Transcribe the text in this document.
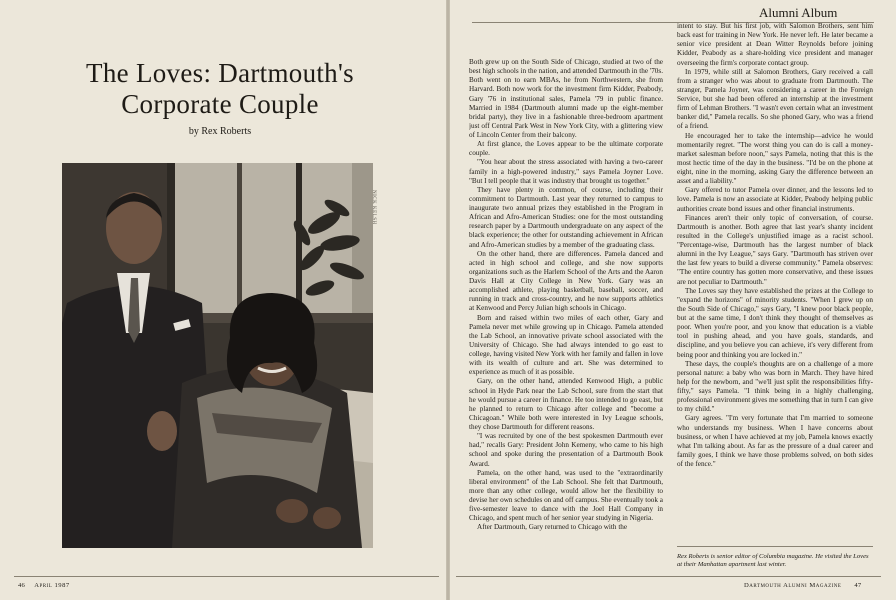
The Loves: Dartmouth's Corporate Couple
by Rex Roberts
NICK KELSH
46 April 1987
Alumni Album

Both grew up on the South Side of Chicago, studied at two of the best high schools in the nation, and attended Dartmouth in the '70s. Both went on to earn MBAs, he from Northwestern, she from Harvard. Both now work for the investment firm Kidder, Peabody, Gary '76 in institutional sales, Pamela '79 in public finance. Married in 1984 (Dartmouth alumni made up the eight-member bridal party), they live in a fashionable three-bedroom apartment just off Central Park West in New York City, with a glittering view of Lincoln Center from their balcony.

At first glance, the Loves appear to be the ultimate corporate couple.

"You hear about the stress associated with having a two-career family in a high-powered industry," says Pamela Joyner Love. "But I tell people that it was industry that brought us together."

They have plenty in common, of course, including their commitment to Dartmouth. Last year they returned to campus to inaugurate two annual prizes they established in the Program in African and Afro-American Studies: one for the most outstanding research paper by a Dartmouth undergraduate on any aspect of the black experience; the other for outstanding achievement in African and Afro-American studies by a member of the graduating class.

On the other hand, there are differences. Pamela danced and acted in high school and college, and she now supports organizations such as the Harlem School of the Arts and the Aaron Davis Hall at City College in New York. Gary was an accomplished athlete, playing basketball, baseball, soccer, and running in track and cross-country, and he now supports athletics at Kenwood and Percy Julian high schools in Chicago.

Born and raised within two miles of each other, Gary and Pamela never met while growing up in Chicago. Pamela attended the Lab School, an innovative private school associated with the University of Chicago. She had always intended to go east to college, having visited New York with her family and fallen in love with its wealth of culture and art. She was determined to experience as much of it as possible.

Gary, on the other hand, attended Kenwood High, a public school in Hyde Park near the Lab School, sure from the start that he would pursue a career in finance. He too intended to go east, but he planned to return to Chicago after college and "become a Chicagoan." While both were interested in Ivy League schools, they chose Dartmouth for different reasons.

"I was recruited by one of the best spokesmen Dartmouth ever had," recalls Gary: President John Kemeny, who came to his high school and spoke during the presentation of a Dartmouth Book Award.

Pamela, on the other hand, was used to the "extraordinarily liberal environment" of the Lab School. She felt that Dartmouth, more than any other college, would allow her the flexibility to devise her own schedules on and off campus. She eventually took a five-semester leave to dance with the Joel Hall Company in Chicago, and spent much of her senior year studying in Nigeria.

After Dartmouth, Gary returned to Chicago with the

intent to stay. But his first job, with Salomon Brothers, sent him back east for training in New York. He never left. He later became a senior vice president at Dean Witter Reynolds before joining Kidder, Peabody as a share-holding vice president and manager overseeing the firm's corporate contact group.

In 1979, while still at Salomon Brothers, Gary received a call from a stranger who was about to graduate from Dartmouth. The stranger, Pamela Joyner, was considering a career in the Foreign Service, but she had been offered an internship at the investment firm of Lehman Brothers. "I wasn't even certain what an investment banker did," Pamela recalls. So she phoned Gary, who was a friend of a friend.

He encouraged her to take the internship—advice he would momentarily regret. "The worst thing you can do is call a money-market salesman before noon," says Pamela, noting that this is the most hectic time of the day in the business. "I'd be on the phone at eight, nine in the morning, asking Gary the difference between an asset and a liability."

Gary offered to tutor Pamela over dinner, and the lessons led to love. Pamela is now an associate at Kidder, Peabody helping public authorities create bond issues and other financial instruments.

Finances aren't their only topic of conversation, of course. Dartmouth is another. Both agree that last year's shanty incident resulted in the College's unjustified image as a racist school. "Percentage-wise, Dartmouth has the largest number of black alumni in the Ivy League," says Gary. "Dartmouth has striven over the last few years to build a diverse community." Pamela observes: "The entire country has gotten more conservative, and these issues are not peculiar to Dartmouth."

The Loves say they have established the prizes at the College to "expand the horizons" of minority students. "When I grew up on the South Side of Chicago," says Gary, "I knew poor black people, but at the same time, I don't think they thought of themselves as poor. When you're poor, and you know that education is a viable tool in pushing ahead, and you have goals, standards, and discipline, and you believe you can achieve, it's very different from being poor and thinking you are locked in."

These days, the couple's thoughts are on a challenge of a more personal nature: a baby who was born in March. They have hired help for the newborn, and "we'll just split the responsibilities fifty-fifty," says Pamela. "I think being in a highly challenging, professional environment gives me something that in turn I can give to my child."

Gary agrees. "I'm very fortunate that I'm married to someone who understands my business. When I have concerns about business, or when I have achieved at my job, Pamela knows exactly what I'm talking about. As far as the pressure of a dual career and family goes, I think we have those problems solved, on both sides of the fence."

Rex Roberts is senior editor of Columbia magazine. He visited the Loves at their Manhattan apartment last winter.
Dartmouth Alumni Magazine 47
